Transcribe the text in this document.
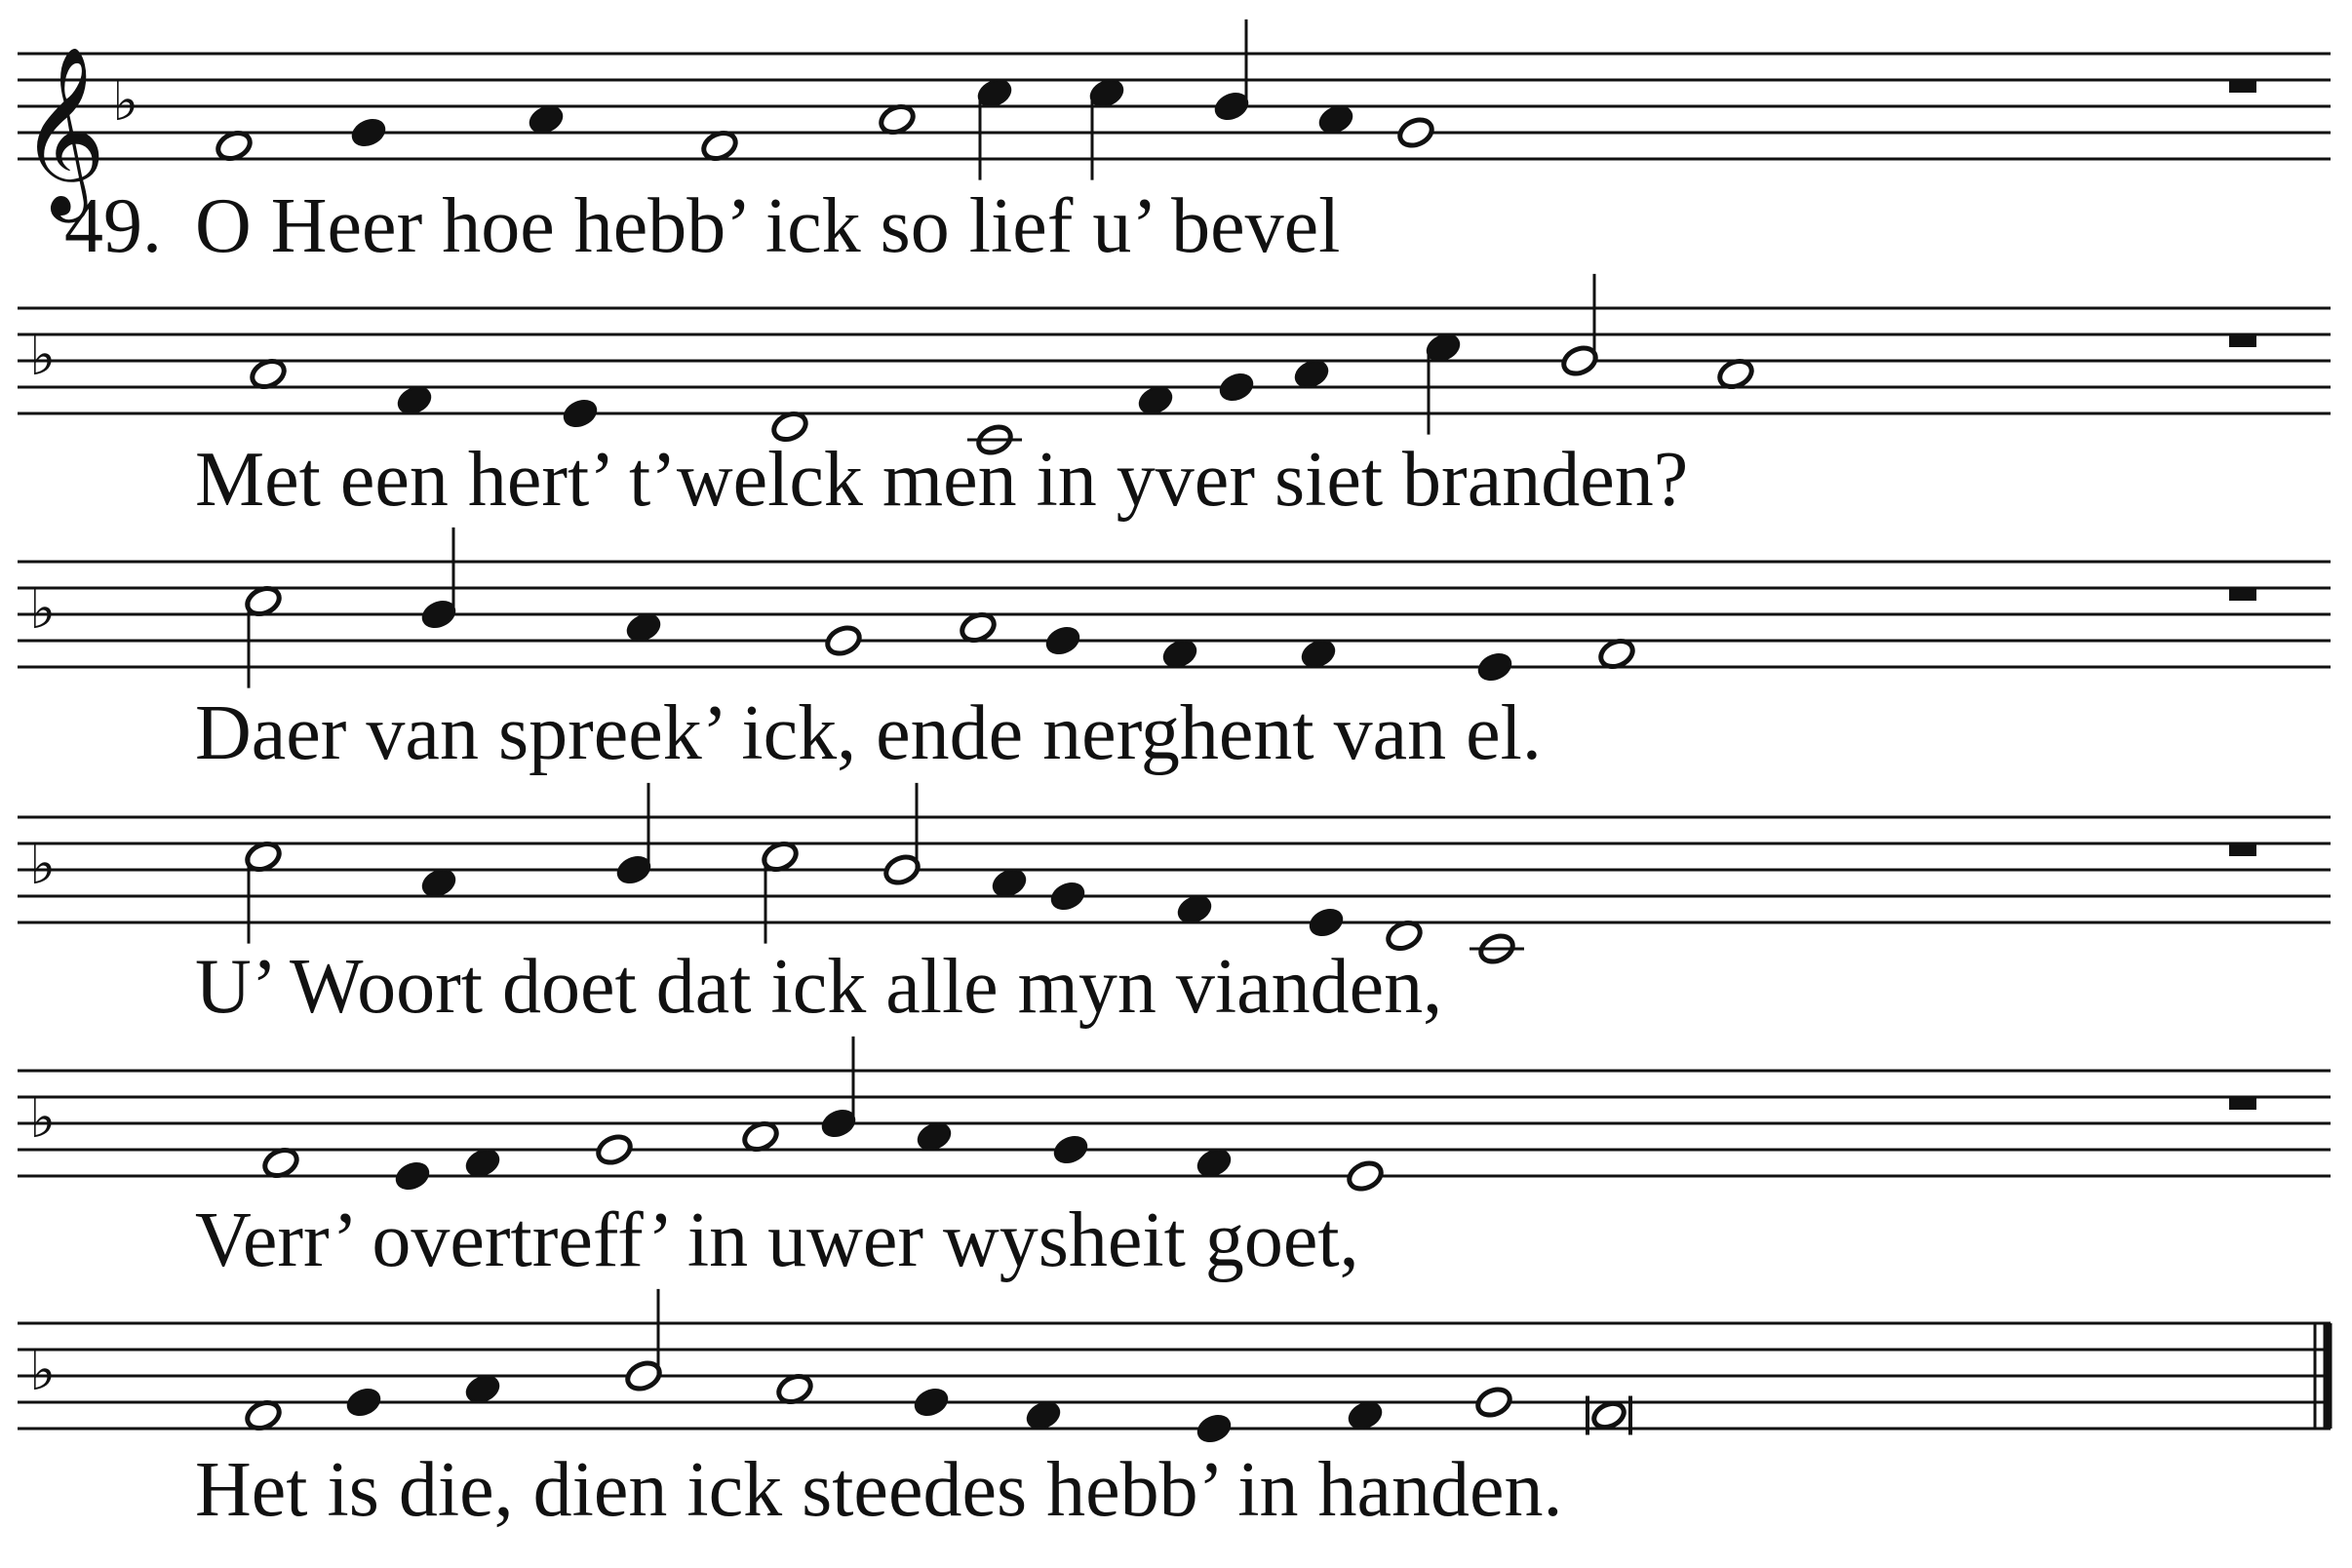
𝄞 ♭
♭
♭
♭
♭
♭

49. O Heer hoe hebb’ ick so lief u’ bevel

Met een hert’ t’welck men in yver siet branden?

Daer van spreek’ ick, ende nerghent van el.

U’ Woort doet dat ick alle myn vianden,

Verr’ overtreff’ in uwer wysheit goet,

Het is die, dien ick steedes hebb’ in handen.
